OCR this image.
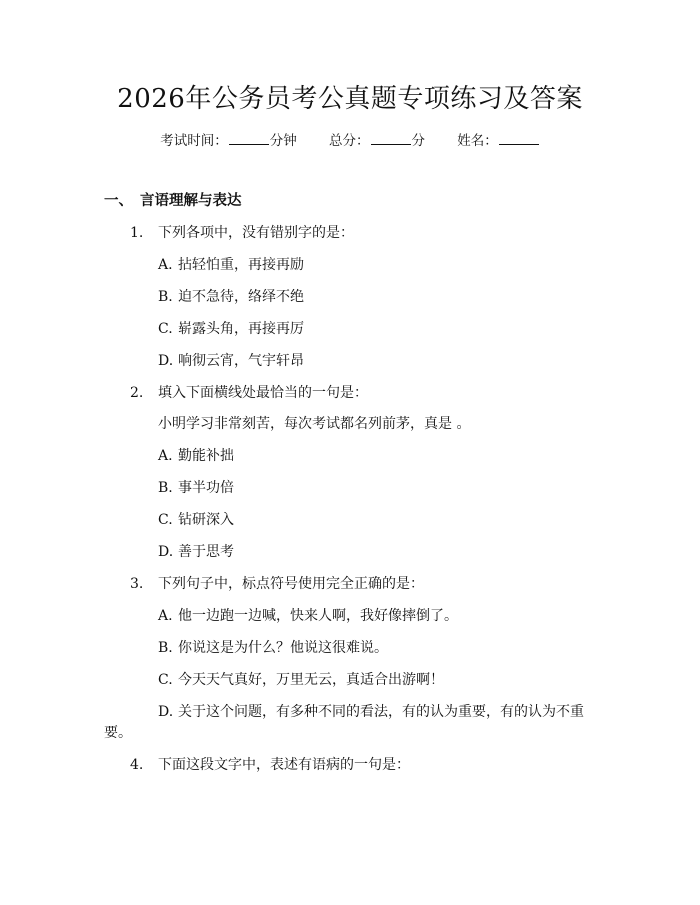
2026年公务员考公真题专项练习及答案
考试时间：	分钟 总分：	分 姓名：
一、 言语理解与表达
1. 下列各项中，没有错别字的是：
A. 拈轻怕重，再接再励
B. 迫不急待，络绎不绝
C. 崭露头角，再接再厉
D. 响彻云宵，气宇轩昂
2. 填入下面横线处最恰当的一句是：
小明学习非常刻苦，每次考试都名列前茅，真是 。
A. 勤能补拙
B. 事半功倍
C. 钻研深入
D. 善于思考
3. 下列句子中，标点符号使用完全正确的是：
A. 他一边跑一边喊，快来人啊，我好像摔倒了。
B. 你说这是为什么？他说这很难说。
C. 今天天气真好，万里无云，真适合出游啊！
D. 关于这个问题，有多种不同的看法，有的认为重要，有的认为不重
要。
4. 下面这段文字中，表述有语病的一句是：
